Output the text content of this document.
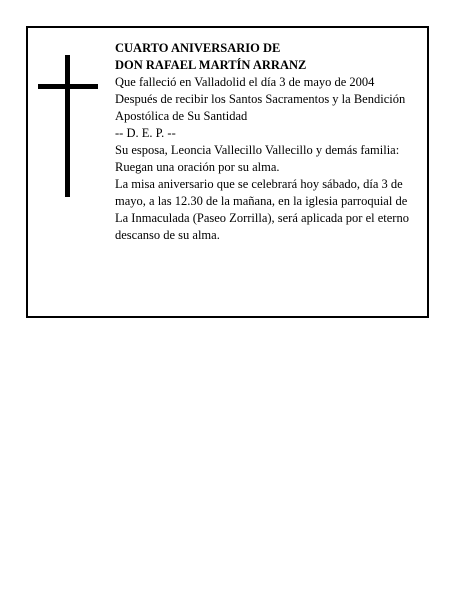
CUARTO ANIVERSARIO DE
DON RAFAEL MARTÍN ARRANZ
Que falleció en Valladolid el día 3 de mayo de 2004
Después de recibir los Santos Sacramentos y la Bendición Apostólica de Su Santidad
-- D. E. P. --
Su esposa, Leoncia Vallecillo Vallecillo y demás familia:
Ruegan una oración por su alma.
La misa aniversario que se celebrará hoy sábado, día 3 de mayo, a las 12.30 de la mañana, en la iglesia parroquial de La Inmaculada (Paseo Zorrilla), será aplicada por el eterno descanso de su alma.
